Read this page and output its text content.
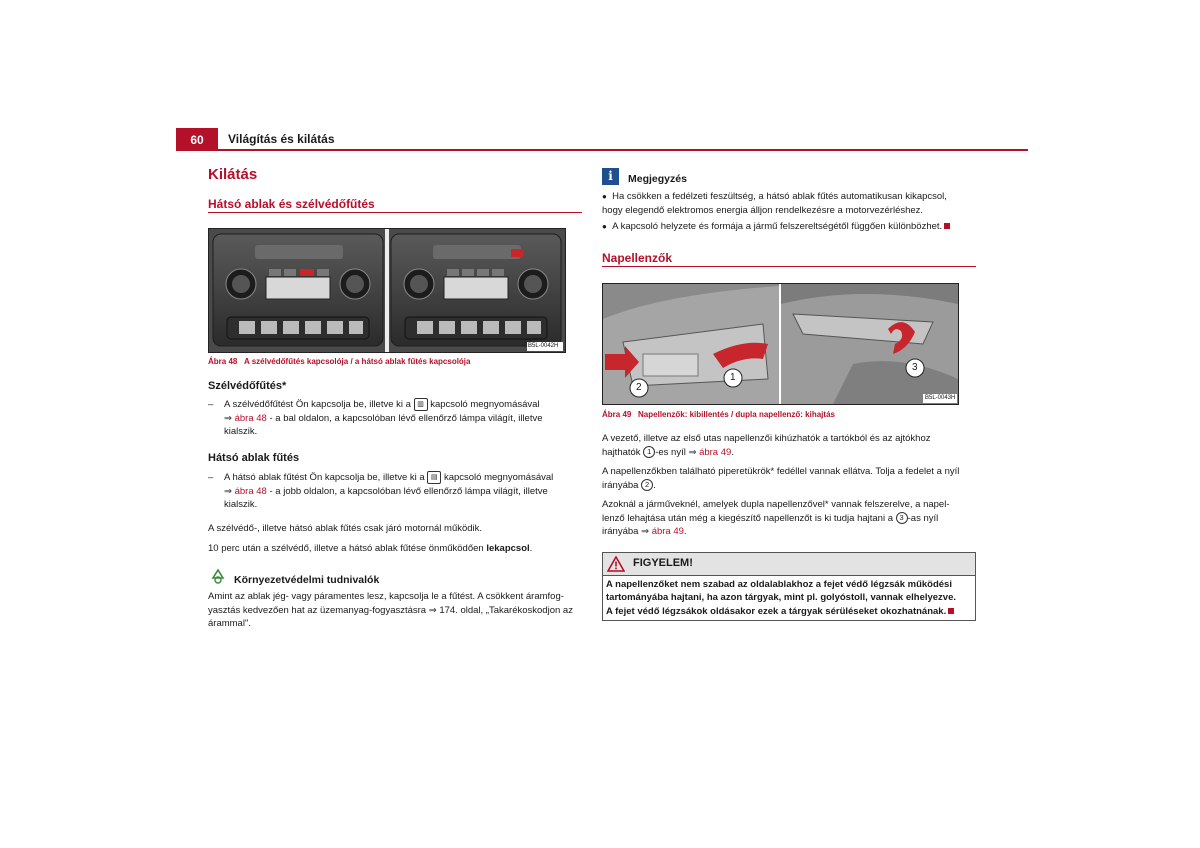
60	Világítás és kilátás
Kilátás
Hátsó ablak és szélvédőfűtés
B5L-0042H
Ábra 48 A szélvédőfűtés kapcsolója / a hátsó ablak fűtés kapcsolója
Szélvédőfűtés*
– A szélvédőfűtést Ön kapcsolja be, illetve ki a ▥ kapcsoló megnyomásával
⇒ ábra 48 - a bal oldalon, a kapcsolóban lévő ellenőrző lámpa világít, illetve
kialszik.
Hátsó ablak fűtés
– A hátsó ablak fűtést Ön kapcsolja be, illetve ki a ▤ kapcsoló megnyomásával
⇒ ábra 48 - a jobb oldalon, a kapcsolóban lévő ellenőrző lámpa világít, illetve
kialszik.
A szélvédő-, illetve hátsó ablak fűtés csak járó motornál működik.
10 perc után a szélvédő, illetve a hátsó ablak fűtése önműködően lekapcsol.
Környezetvédelmi tudnivalók
Amint az ablak jég- vagy páramentes lesz, kapcsolja le a fűtést. A csökkent áramfog-
yasztás kedvezően hat az üzemanyag-fogyasztásra ⇒ 174. oldal, „Takarékoskodjon az
árammal".
i	Megjegyzés
● Ha csökken a fedélzeti feszültség, a hátsó ablak fűtés automatikusan kikapcsol,
hogy elegendő elektromos energia álljon rendelkezésre a motorvezérléshez.
● A kapcsoló helyzete és formája a jármű felszereltségétől függően különbözhet.
Napellenzők
2
1
3
B5L-0043H
Ábra 49 Napellenzők: kibillentés / dupla napellenző: kihajtás
A vezető, illetve az első utas napellenzői kihúzhatók a tartókból és az ajtókhoz
hajthatók 1 -es nyíl ⇒ ábra 49.
A napellenzőkben található piperetükrök* fedéllel vannak ellátva. Tolja a fedelet a nyíl
irányába 2 .
Azoknál a járműveknél, amelyek dupla napellenzővel* vannak felszerelve, a napel-
lenző lehajtása után még a kiegészítő napellenzőt is ki tudja hajtani a 3 -as nyíl
irányába ⇒ ábra 49.
FIGYELEM!
A napellenzőket nem szabad az oldalablakhoz a fejet védő légzsák működési
tartományába hajtani, ha azon tárgyak, mint pl. golyóstoll, vannak elhelyezve.
A fejet védő légzsákok oldásakor ezek a tárgyak sérüléseket okozhatnának.
